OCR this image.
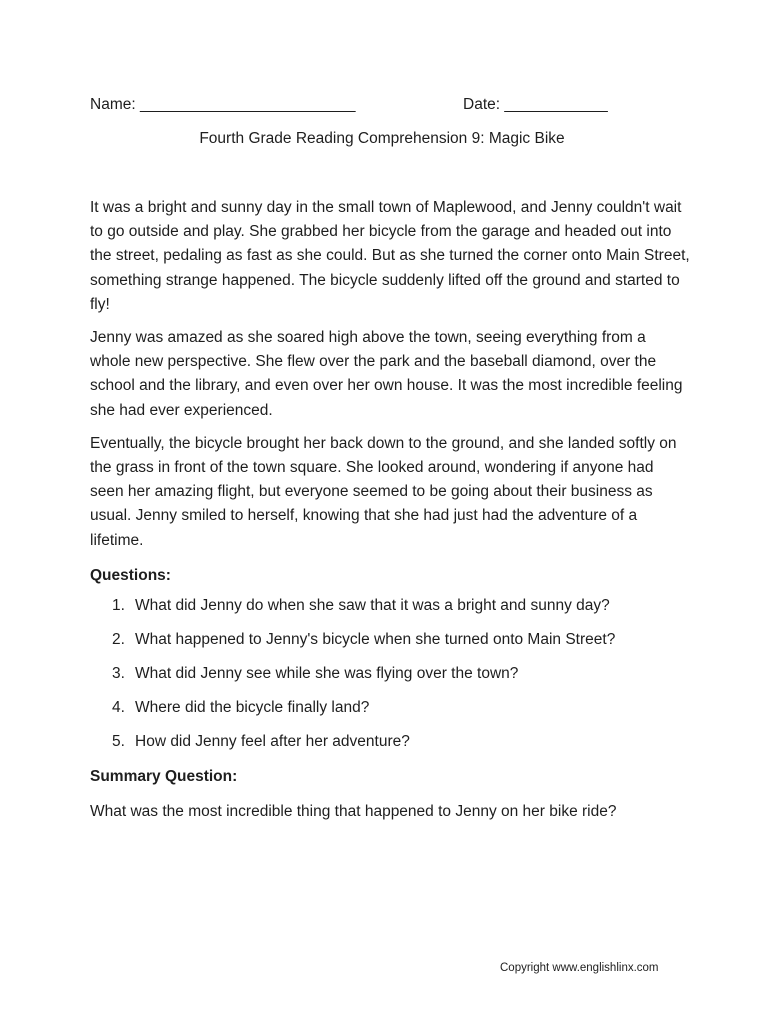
Name: _________________________	Date: ____________
Fourth Grade Reading Comprehension 9: Magic Bike

It was a bright and sunny day in the small town of Maplewood, and Jenny couldn't wait to go outside and play. She grabbed her bicycle from the garage and headed out into the street, pedaling as fast as she could. But as she turned the corner onto Main Street, something strange happened. The bicycle suddenly lifted off the ground and started to fly!

Jenny was amazed as she soared high above the town, seeing everything from a whole new perspective. She flew over the park and the baseball diamond, over the school and the library, and even over her own house. It was the most incredible feeling she had ever experienced.

Eventually, the bicycle brought her back down to the ground, and she landed softly on the grass in front of the town square. She looked around, wondering if anyone had seen her amazing flight, but everyone seemed to be going about their business as usual. Jenny smiled to herself, knowing that she had just had the adventure of a lifetime.

Questions:
1. What did Jenny do when she saw that it was a bright and sunny day?
2. What happened to Jenny's bicycle when she turned onto Main Street?
3. What did Jenny see while she was flying over the town?
4. Where did the bicycle finally land?
5. How did Jenny feel after her adventure?
Summary Question:
What was the most incredible thing that happened to Jenny on her bike ride?
Copyright www.englishlinx.com
